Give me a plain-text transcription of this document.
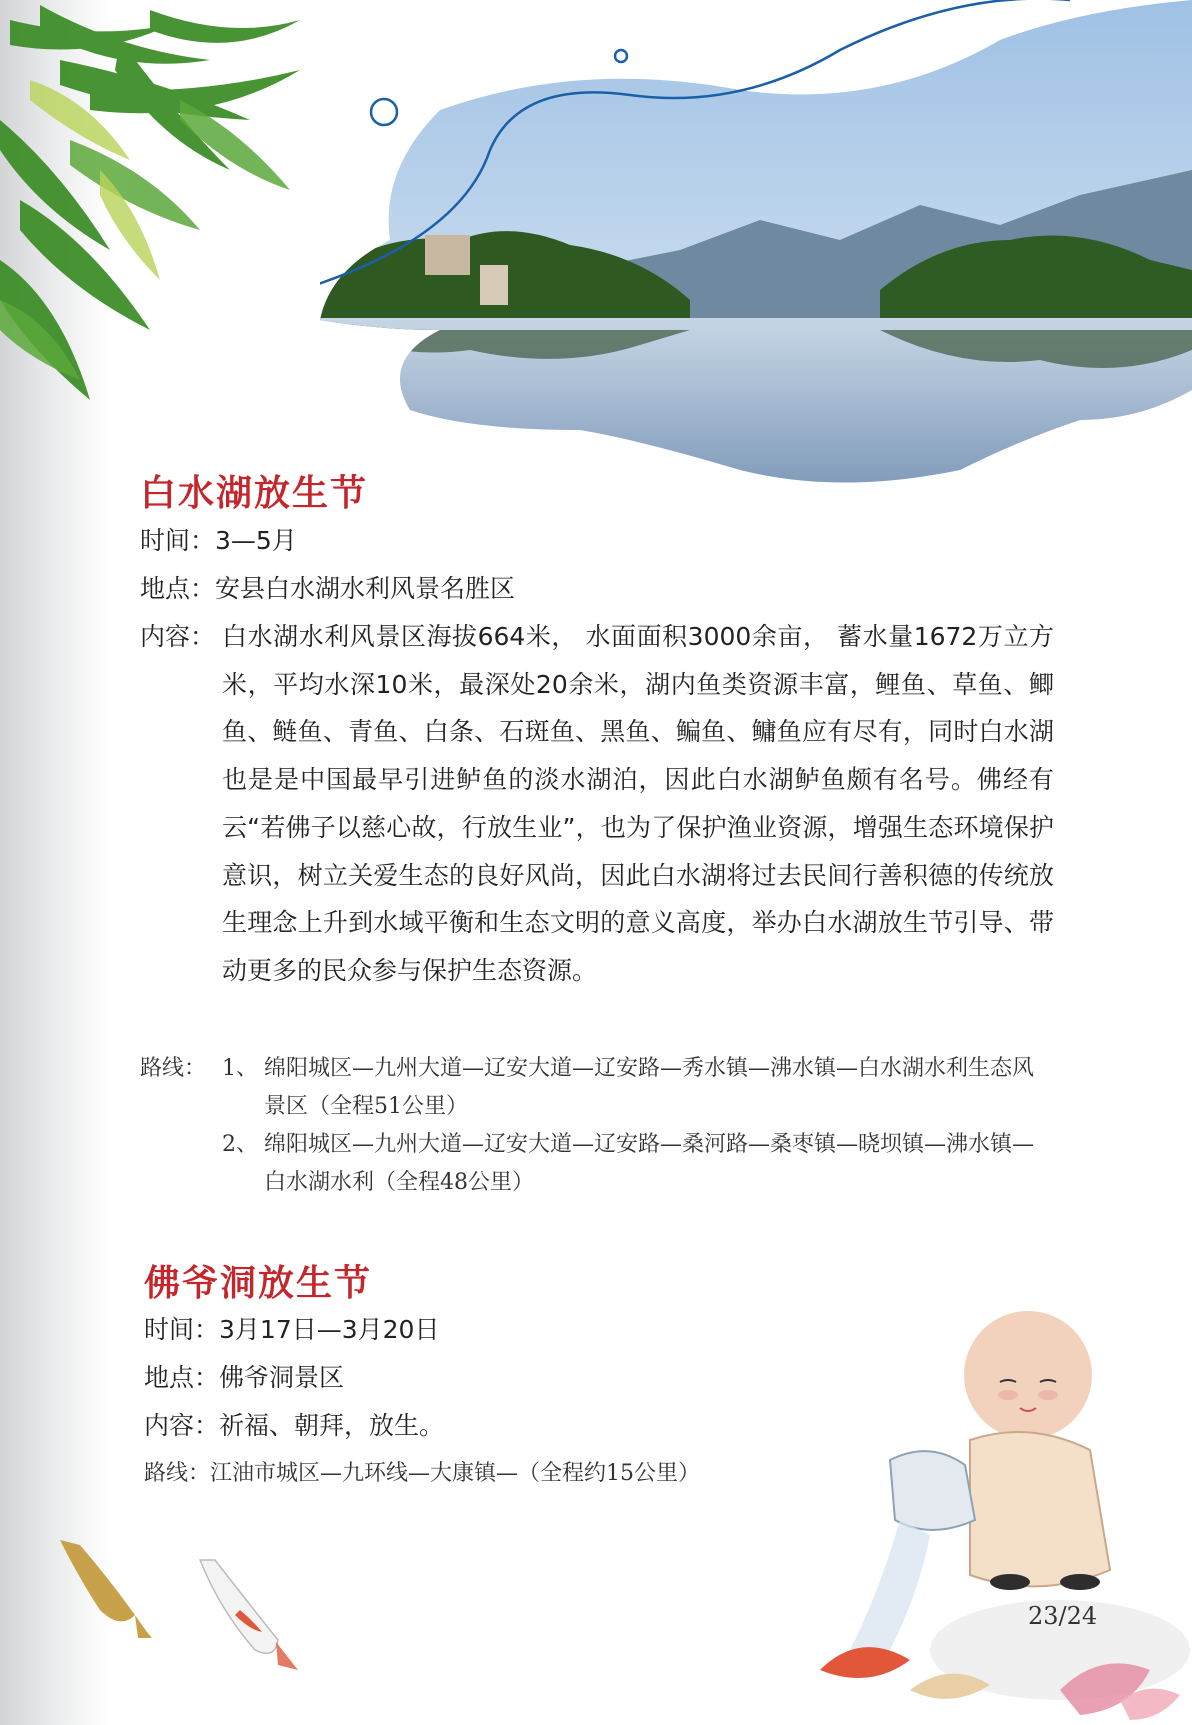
白水湖放生节
时间：3—5月
地点：安县白水湖水利风景名胜区
内容： 白水湖水利风景区海拔664米， 水面面积3000余亩， 蓄水量1672万立方米，平均水深10米，最深处20余米，湖内鱼类资源丰富，鲤鱼、草鱼、鲫鱼、鲢鱼、青鱼、白条、石斑鱼、黑鱼、鳊鱼、鳙鱼应有尽有，同时白水湖也是是中国最早引进鲈鱼的淡水湖泊，因此白水湖鲈鱼颇有名号。佛经有云“若佛子以慈心故，行放生业”，也为了保护渔业资源，增强生态环境保护意识，树立关爱生态的良好风尚，因此白水湖将过去民间行善积德的传统放生理念上升到水域平衡和生态文明的意义高度，举办白水湖放生节引导、带动更多的民众参与保护生态资源。
路线： 1、 绵阳城区—九州大道—辽安大道—辽安路—秀水镇—沸水镇—白水湖水利生态风景区（全程51公里）
2、 绵阳城区—九州大道—辽安大道—辽安路—桑河路—桑枣镇—晓坝镇—沸水镇—白水湖水利（全程48公里）
佛爷洞放生节
时间：3月17日—3月20日
地点：佛爷洞景区
内容：祈福、朝拜，放生。
路线：江油市城区—九环线—大康镇—（全程约15公里）
23/24
